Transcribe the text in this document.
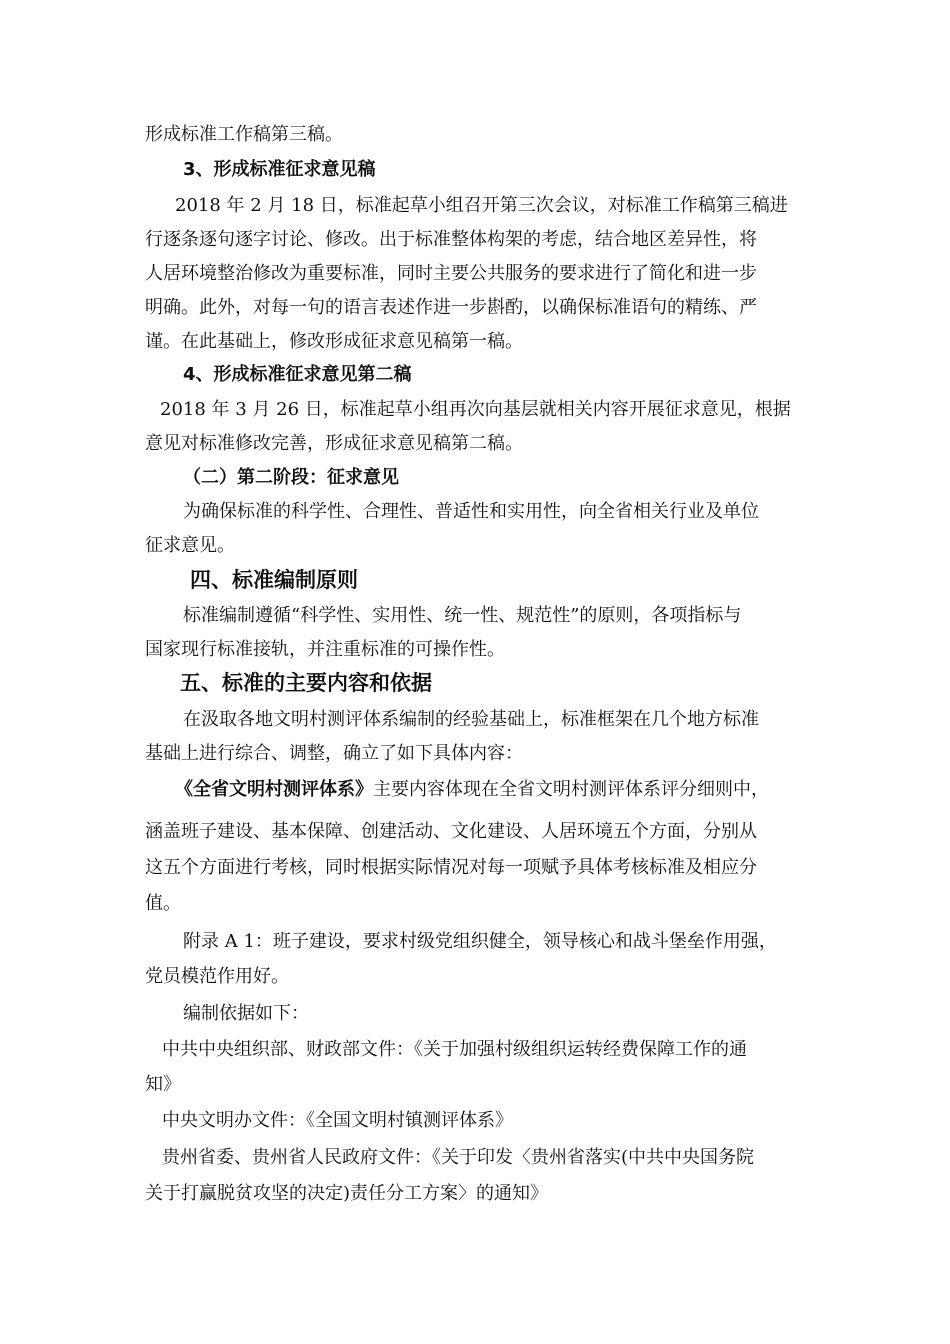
形成标准工作稿第三稿。
3、形成标准征求意见稿
2018 年 2 月 18 日，标准起草小组召开第三次会议，对标准工作稿第三稿进
行逐条逐句逐字讨论、修改。出于标准整体构架的考虑，结合地区差异性，将
人居环境整治修改为重要标准，同时主要公共服务的要求进行了简化和进一步
明确。此外，对每一句的语言表述作进一步斟酌，以确保标准语句的精练、严
谨。在此基础上，修改形成征求意见稿第一稿。
4、形成标准征求意见第二稿
2018 年 3 月 26 日，标准起草小组再次向基层就相关内容开展征求意见，根据
意见对标准修改完善，形成征求意见稿第二稿。
（二）第二阶段：征求意见
为确保标准的科学性、合理性、普适性和实用性，向全省相关行业及单位
征求意见。
四、标准编制原则
标准编制遵循“科学性、实用性、统一性、规范性”的原则，各项指标与
国家现行标准接轨，并注重标准的可操作性。
五、标准的主要内容和依据
在汲取各地文明村测评体系编制的经验基础上，标准框架在几个地方标准
基础上进行综合、调整，确立了如下具体内容：
《全省文明村测评体系》主要内容体现在全省文明村测评体系评分细则中，
涵盖班子建设、基本保障、创建活动、文化建设、人居环境五个方面，分别从
这五个方面进行考核，同时根据实际情况对每一项赋予具体考核标准及相应分
值。
附录 A 1：班子建设，要求村级党组织健全，领导核心和战斗堡垒作用强，
党员模范作用好。
编制依据如下：
中共中央组织部、财政部文件：《关于加强村级组织运转经费保障工作的通
知》
中央文明办文件：《全国文明村镇测评体系》
贵州省委、贵州省人民政府文件：《关于印发〈贵州省落实(中共中央国务院
关于打赢脱贫攻坚的决定)责任分工方案〉的通知》
